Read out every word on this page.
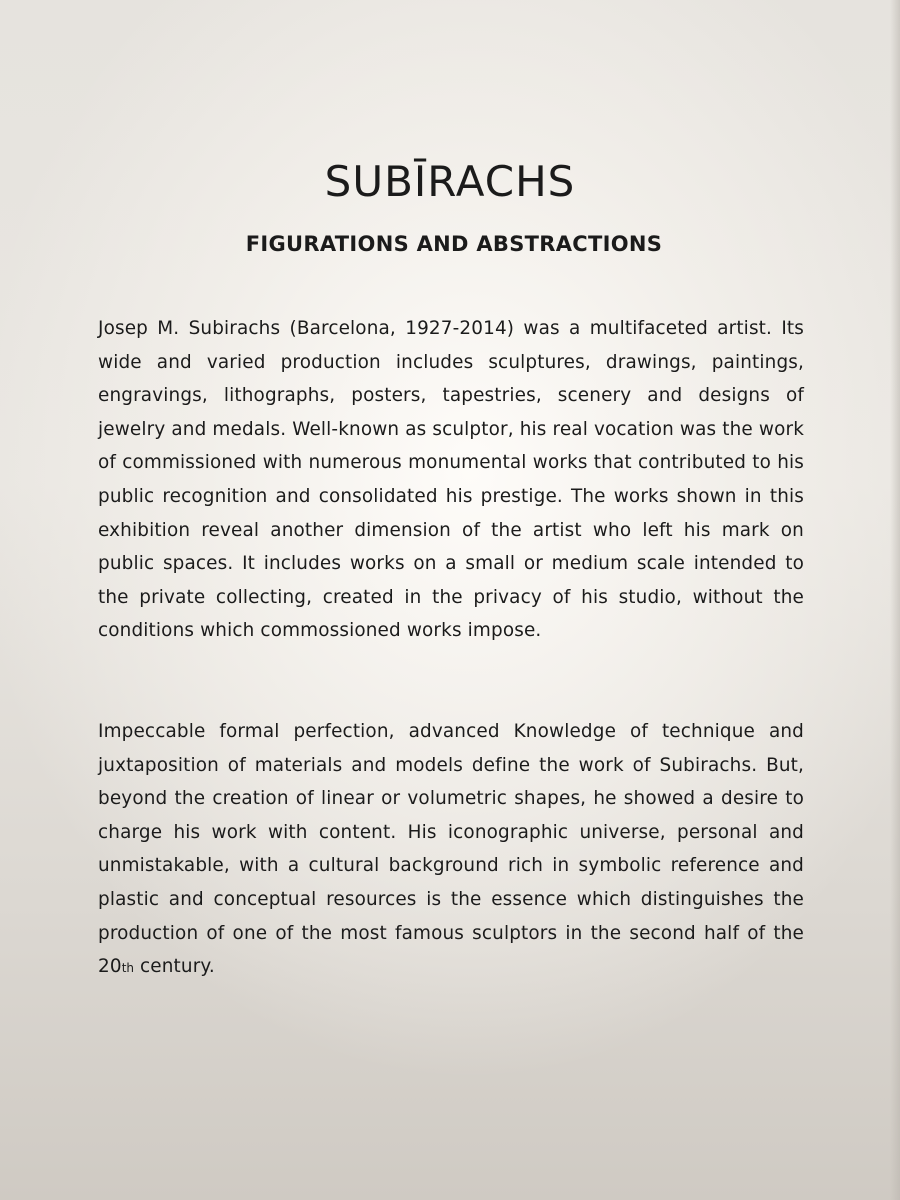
SUBĪRACHS
FIGURATIONS AND ABSTRACTIONS

Josep M. Subirachs (Barcelona, 1927-2014) was a multifaceted artist. Its wide and varied production includes sculptures, drawings, paintings, engravings, lithographs, posters, tapestries, scenery and designs of jewelry and medals. Well-known as sculptor, his real vocation was the work of commissioned with numerous monumental works that contributed to his public recognition and consolidated his prestige. The works shown in this exhibition reveal another dimension of the artist who left his mark on public spaces. It includes works on a small or medium scale intended to the private collecting, created in the privacy of his studio, without the conditions which commossioned works impose.

Impeccable formal perfection, advanced Knowledge of technique and juxtaposition of materials and models define the work of Subirachs. But, beyond the creation of linear or volumetric shapes, he showed a desire to charge his work with content. His iconographic universe, personal and unmistakable, with a cultural background rich in symbolic reference and plastic and conceptual resources is the essence which distinguishes the production of one of the most famous sculptors in the second half of the 20th century.
